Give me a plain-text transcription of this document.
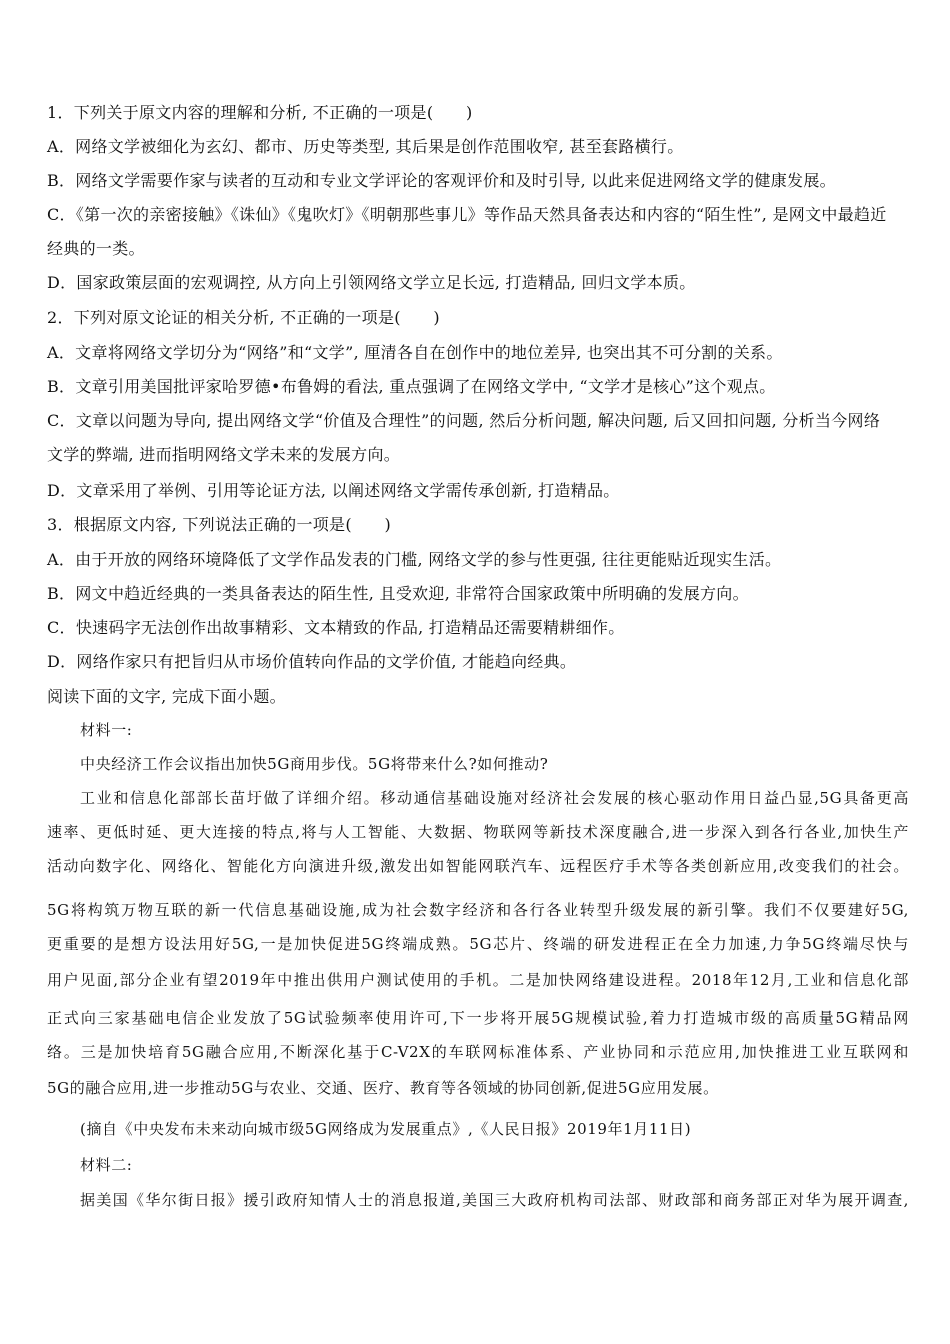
1．下列关于原文内容的理解和分析, 不正确的一项是(　　)
A．网络文学被细化为玄幻、都市、历史等类型, 其后果是创作范围收窄, 甚至套路横行。
B．网络文学需要作家与读者的互动和专业文学评论的客观评价和及时引导, 以此来促进网络文学的健康发展。
C．《第一次的亲密接触》《诛仙》《鬼吹灯》《明朝那些事儿》等作品天然具备表达和内容的“陌生性”, 是网文中最趋近
经典的一类。
D．国家政策层面的宏观调控, 从方向上引领网络文学立足长远, 打造精品, 回归文学本质。
2．下列对原文论证的相关分析, 不正确的一项是(　　)
A．文章将网络文学切分为“网络”和“文学”, 厘清各自在创作中的地位差异, 也突出其不可分割的关系。
B．文章引用美国批评家哈罗德•布鲁姆的看法, 重点强调了在网络文学中, “文学才是核心”这个观点。
C．文章以问题为导向, 提出网络文学“价值及合理性”的问题, 然后分析问题, 解决问题, 后又回扣问题, 分析当今网络
文学的弊端, 进而指明网络文学未来的发展方向。
D．文章采用了举例、引用等论证方法, 以阐述网络文学需传承创新, 打造精品。
3．根据原文内容, 下列说法正确的一项是(　　)
A．由于开放的网络环境降低了文学作品发表的门槛, 网络文学的参与性更强, 往往更能贴近现实生活。
B．网文中趋近经典的一类具备表达的陌生性, 且受欢迎, 非常符合国家政策中所明确的发展方向。
C．快速码字无法创作出故事精彩、文本精致的作品, 打造精品还需要精耕细作。
D．网络作家只有把旨归从市场价值转向作品的文学价值, 才能趋向经典。
阅读下面的文字, 完成下面小题。
材料一:
中央经济工作会议指出加快5G商用步伐。5G将带来什么?如何推动?
工业和信息化部部长苗圩做了详细介绍。移动通信基础设施对经济社会发展的核心驱动作用日益凸显,5G具备更高
速率、更低时延、更大连接的特点,将与人工智能、大数据、物联网等新技术深度融合,进一步深入到各行各业,加快生产
活动向数字化、网络化、智能化方向演进升级,激发出如智能网联汽车、远程医疗手术等各类创新应用,改变我们的社会。
5G将构筑万物互联的新一代信息基础设施,成为社会数字经济和各行各业转型升级发展的新引擎。我们不仅要建好5G,
更重要的是想方设法用好5G,一是加快促进5G终端成熟。5G芯片、终端的研发进程正在全力加速,力争5G终端尽快与
用户见面,部分企业有望2019年中推出供用户测试使用的手机。二是加快网络建设进程。2018年12月,工业和信息化部
正式向三家基础电信企业发放了5G试验频率使用许可,下一步将开展5G规模试验,着力打造城市级的高质量5G精品网
络。三是加快培育5G融合应用,不断深化基于C-V2X的车联网标准体系、产业协同和示范应用,加快推进工业互联网和
5G的融合应用,进一步推动5G与农业、交通、医疗、教育等各领域的协同创新,促进5G应用发展。
(摘自《中央发布未来动向城市级5G网络成为发展重点》,《人民日报》2019年1月11日)
材料二:
据美国《华尔街日报》援引政府知情人士的消息报道,美国三大政府机构司法部、财政部和商务部正对华为展开调查,
